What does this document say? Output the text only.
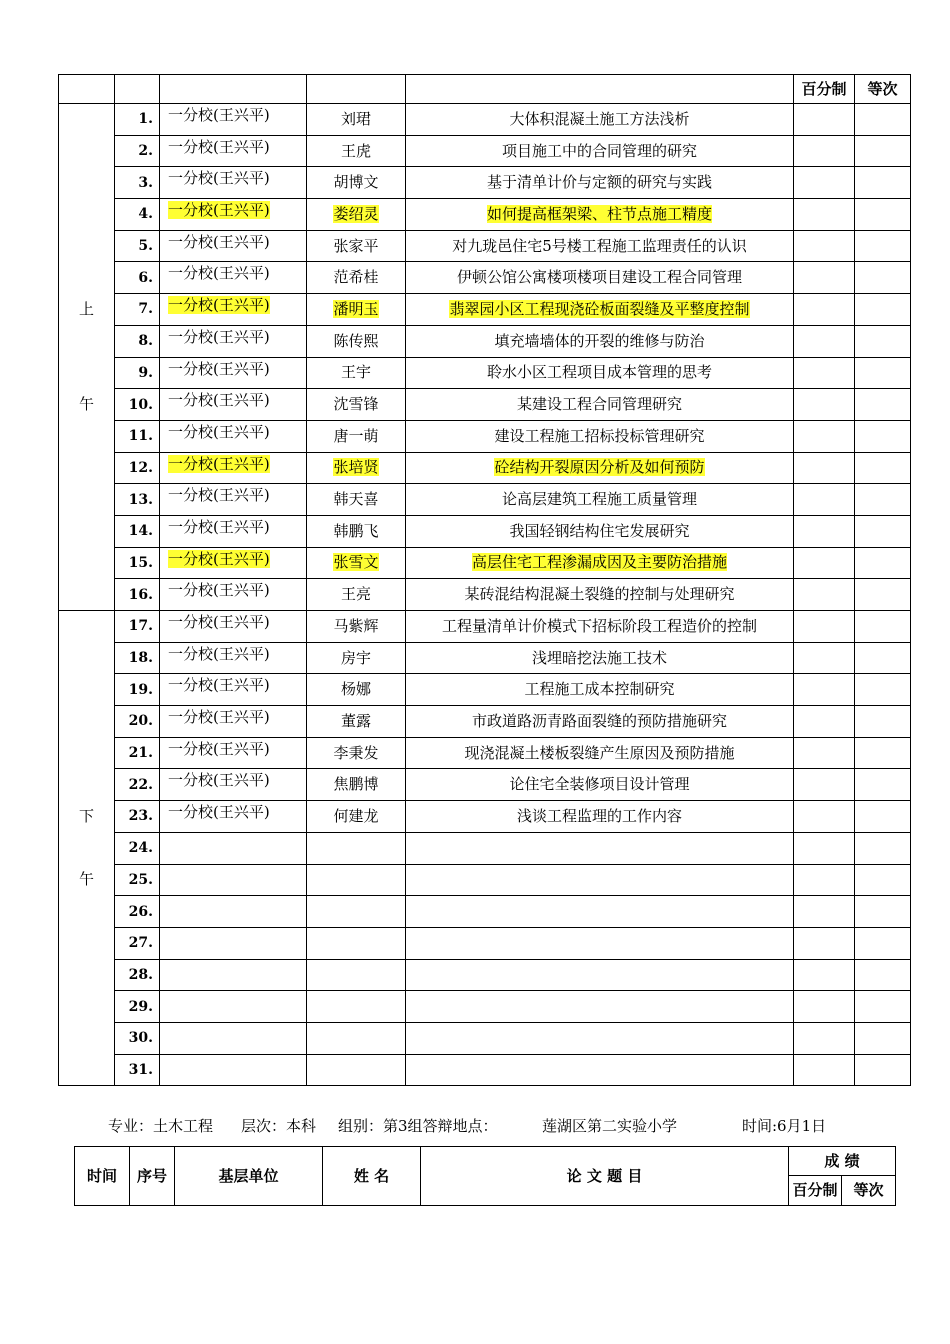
					百分制	等次

上
午	1.	一分校(王兴平)	刘珺	大体积混凝土施工方法浅析		
	2.	一分校(王兴平)	王虎	项目施工中的合同管理的研究		
	3.	一分校(王兴平)	胡博文	基于清单计价与定额的研究与实践		
	4.	一分校(王兴平)	娄绍灵	如何提高框架梁、柱节点施工精度		
	5.	一分校(王兴平)	张家平	对九珑邑住宅5号楼工程施工监理责任的认识		
	6.	一分校(王兴平)	范希桂	伊顿公馆公寓楼项楼项目建设工程合同管理		
	7.	一分校(王兴平)	潘明玉	翡翠园小区工程现浇砼板面裂缝及平整度控制		
	8.	一分校(王兴平)	陈传熙	填充墙墙体的开裂的维修与防治		
	9.	一分校(王兴平)	王宇	聆水小区工程项目成本管理的思考		
	10.	一分校(王兴平)	沈雪锋	某建设工程合同管理研究		
	11.	一分校(王兴平)	唐一萌	建设工程施工招标投标管理研究		
	12.	一分校(王兴平)	张培贤	砼结构开裂原因分析及如何预防		
	13.	一分校(王兴平)	韩天喜	论高层建筑工程施工质量管理		
	14.	一分校(王兴平)	韩鹏飞	我国轻钢结构住宅发展研究		
	15.	一分校(王兴平)	张雪文	高层住宅工程渗漏成因及主要防治措施		
	16.	一分校(王兴平)	王亮	某砖混结构混凝土裂缝的控制与处理研究		

下
午	17.	一分校(王兴平)	马紫辉	工程量清单计价模式下招标阶段工程造价的控制		
	18.	一分校(王兴平)	房宇	浅埋暗挖法施工技术		
	19.	一分校(王兴平)	杨娜	工程施工成本控制研究		
	20.	一分校(王兴平)	董露	市政道路沥青路面裂缝的预防措施研究		
	21.	一分校(王兴平)	李秉发	现浇混凝土楼板裂缝产生原因及预防措施		
	22.	一分校(王兴平)	焦鹏博	论住宅全装修项目设计管理		
	23.	一分校(王兴平)	何建龙	浅谈工程监理的工作内容		
	24.					
	25.					
	26.					
	27.					
	28.					
	29.					
	30.					
	31.					
专业：土木工程 层次：本科 组别：第3组答辩地点：	莲湖区第二实验小学	时间:6月1日
时间	序号	基层单位	姓 名	论 文 题 目	成 绩	
					百分制	等次
